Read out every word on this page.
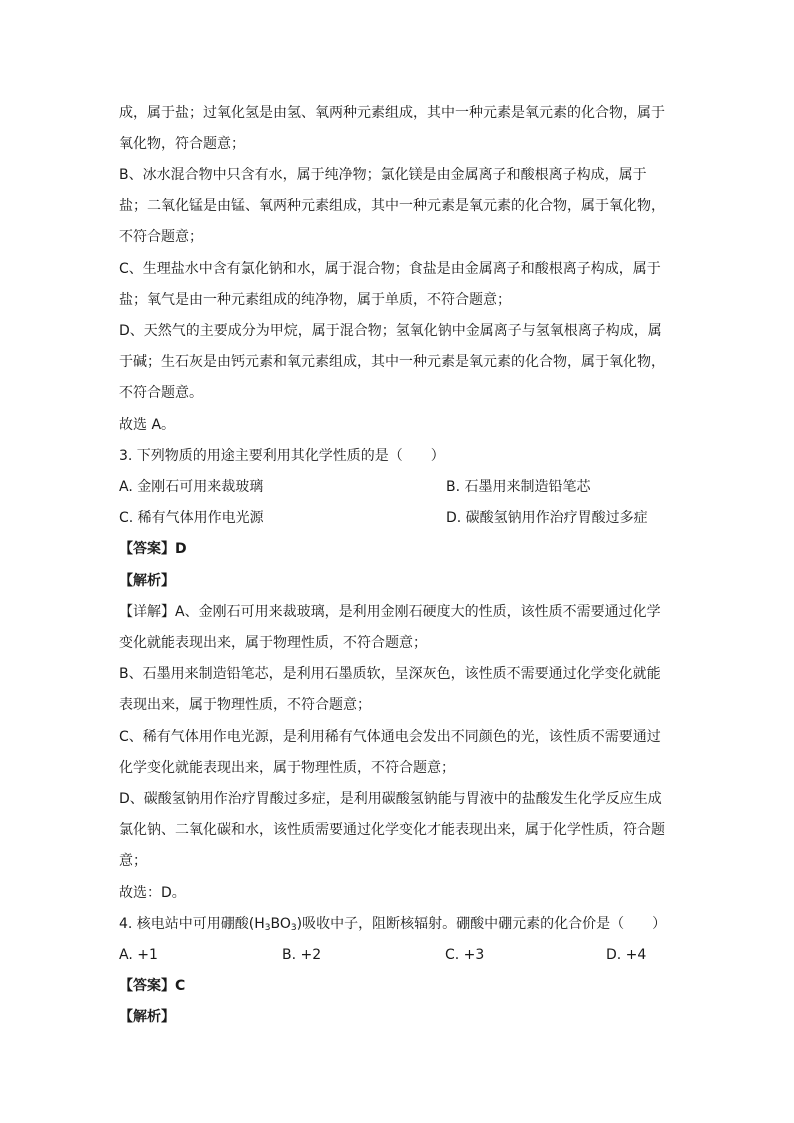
成，属于盐；过氧化氢是由氢、氧两种元素组成，其中一种元素是氧元素的化合物，属于
氧化物，符合题意；
B、冰水混合物中只含有水，属于纯净物；氯化镁是由金属离子和酸根离子构成，属于
盐；二氧化锰是由锰、氧两种元素组成，其中一种元素是氧元素的化合物，属于氧化物，
不符合题意；
C、生理盐水中含有氯化钠和水，属于混合物；食盐是由金属离子和酸根离子构成，属于
盐；氧气是由一种元素组成的纯净物，属于单质，不符合题意；
D、天然气的主要成分为甲烷，属于混合物；氢氧化钠中金属离子与氢氧根离子构成，属
于碱；生石灰是由钙元素和氧元素组成，其中一种元素是氧元素的化合物，属于氧化物，
不符合题意。
故选 A。
3. 下列物质的用途主要利用其化学性质的是（　　）
A. 金刚石可用来裁玻璃	B. 石墨用来制造铅笔芯
C. 稀有气体用作电光源	D. 碳酸氢钠用作治疗胃酸过多症
【答案】D
【解析】
【详解】A、金刚石可用来裁玻璃，是利用金刚石硬度大的性质，该性质不需要通过化学
变化就能表现出来，属于物理性质，不符合题意；
B、石墨用来制造铅笔芯，是利用石墨质软，呈深灰色，该性质不需要通过化学变化就能
表现出来，属于物理性质，不符合题意；
C、稀有气体用作电光源，是利用稀有气体通电会发出不同颜色的光，该性质不需要通过
化学变化就能表现出来，属于物理性质，不符合题意；
D、碳酸氢钠用作治疗胃酸过多症，是利用碳酸氢钠能与胃液中的盐酸发生化学反应生成
氯化钠、二氧化碳和水，该性质需要通过化学变化才能表现出来，属于化学性质，符合题
意；
故选：D。
4. 核电站中可用硼酸$(H_3BO_3)$吸收中子，阻断核辐射。硼酸中硼元素的化合价是（　　）
A. +1	B. +2	C. +3	D. +4
【答案】C
【解析】
